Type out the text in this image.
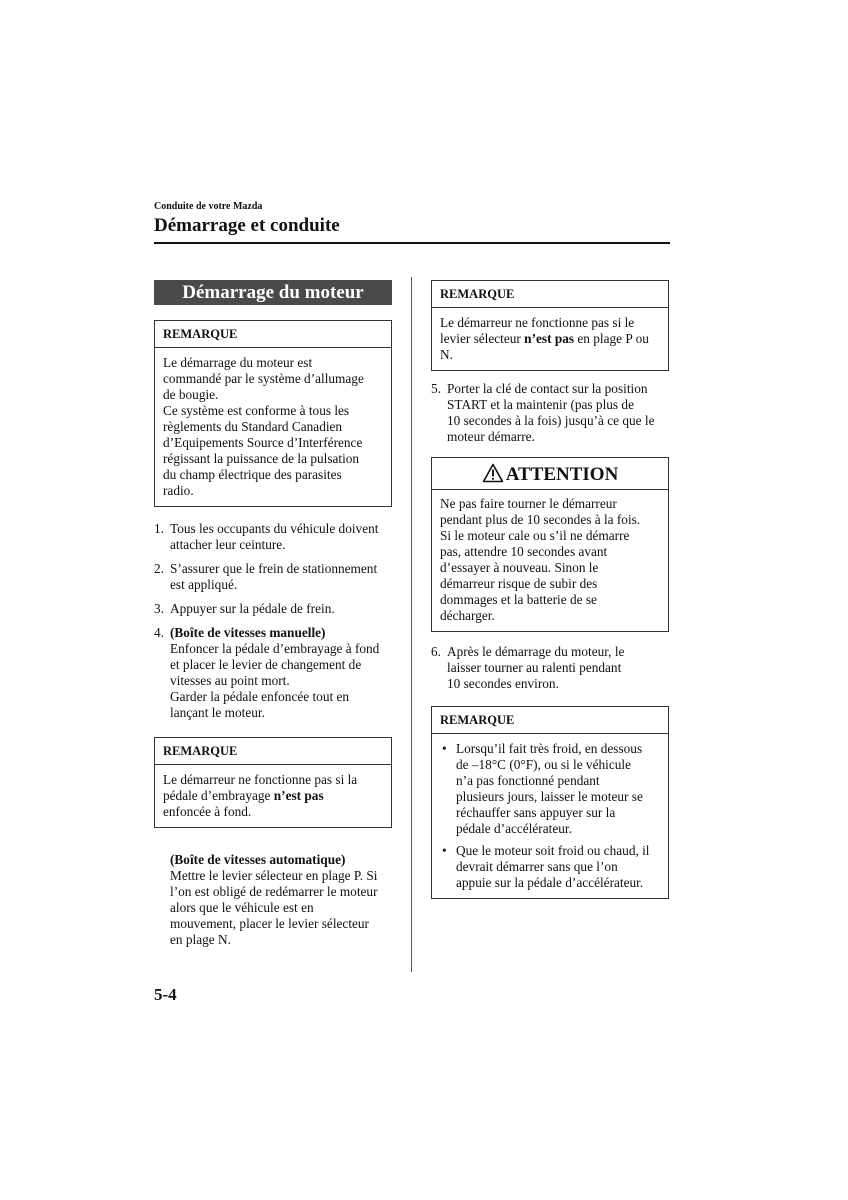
Conduite de votre Mazda
Démarrage et conduite
Démarrage du moteur
REMARQUE

Le démarrage du moteur est

commandé par le système d’allumage

de bougie.

Ce système est conforme à tous les

règlements du Standard Canadien

d’Equipements Source d’Interférence

régissant la puissance de la pulsation

du champ électrique des parasites

radio.

1. Tous les occupants du véhicule doivent
attacher leur ceinture.
2. S’assurer que le frein de stationnement
est appliqué.
3. Appuyer sur la pédale de frein.
4. (Boîte de vitesses manuelle)
Enfoncer la pédale d’embrayage à fond
et placer le levier de changement de
vitesses au point mort.
Garder la pédale enfoncée tout en
lançant le moteur.
REMARQUE

Le démarreur ne fonctionne pas si la

pédale d’embrayage n’est pas

enfoncée à fond.

(Boîte de vitesses automatique)

Mettre le levier sélecteur en plage P. Si

l’on est obligé de redémarrer le moteur

alors que le véhicule est en

mouvement, placer le levier sélecteur

en plage N.

REMARQUE

Le démarreur ne fonctionne pas si le

levier sélecteur n’est pas en plage P ou

N.

5. Porter la clé de contact sur la position
START et la maintenir (pas plus de
10 secondes à la fois) jusqu’à ce que le
moteur démarre.
ATTENTION

Ne pas faire tourner le démarreur

pendant plus de 10 secondes à la fois.

Si le moteur cale ou s’il ne démarre

pas, attendre 10 secondes avant

d’essayer à nouveau. Sinon le

démarreur risque de subir des

dommages et la batterie de se

décharger.

6. Après le démarrage du moteur, le
laisser tourner au ralenti pendant
10 secondes environ.
REMARQUE
• Lorsqu’il fait très froid, en dessous
de –18°C (0°F), ou si le véhicule
n’a pas fonctionné pendant
plusieurs jours, laisser le moteur se
réchauffer sans appuyer sur la
pédale d’accélérateur.
• Que le moteur soit froid ou chaud, il
devrait démarrer sans que l’on
appuie sur la pédale d’accélérateur.
5-4
